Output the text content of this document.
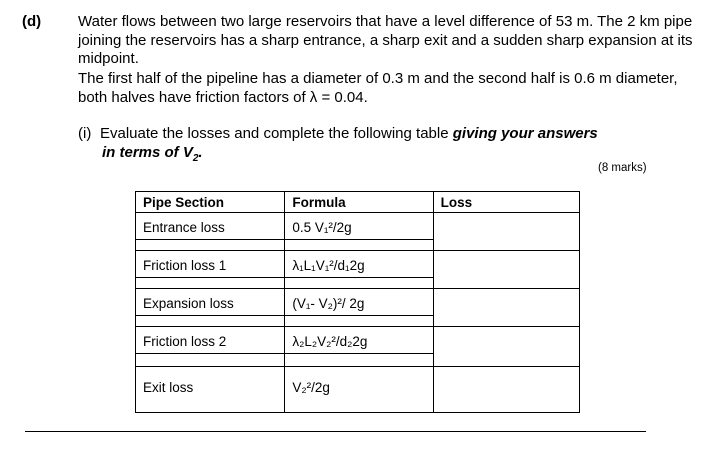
(d) Water flows between two large reservoirs that have a level difference of 53 m. The 2 km pipe joining the reservoirs has a sharp entrance, a sharp exit and a sudden sharp expansion at its midpoint.
The first half of the pipeline has a diameter of 0.3 m and the second half is 0.6 m diameter, both halves have friction factors of λ = 0.04.
(i) Evaluate the losses and complete the following table giving your answers
in terms of $V_2$.
(8 marks)
Pipe Section	Formula	Loss

Entrance loss	0.5 V₁²/2g	

Friction loss 1	λ₁L₁V₁²/d₁2g	

Expansion loss	(V₁- V₂)²/ 2g	

Friction loss 2	λ₂L₂V₂²/d₂2g	

Exit loss	V₂²/2g	
